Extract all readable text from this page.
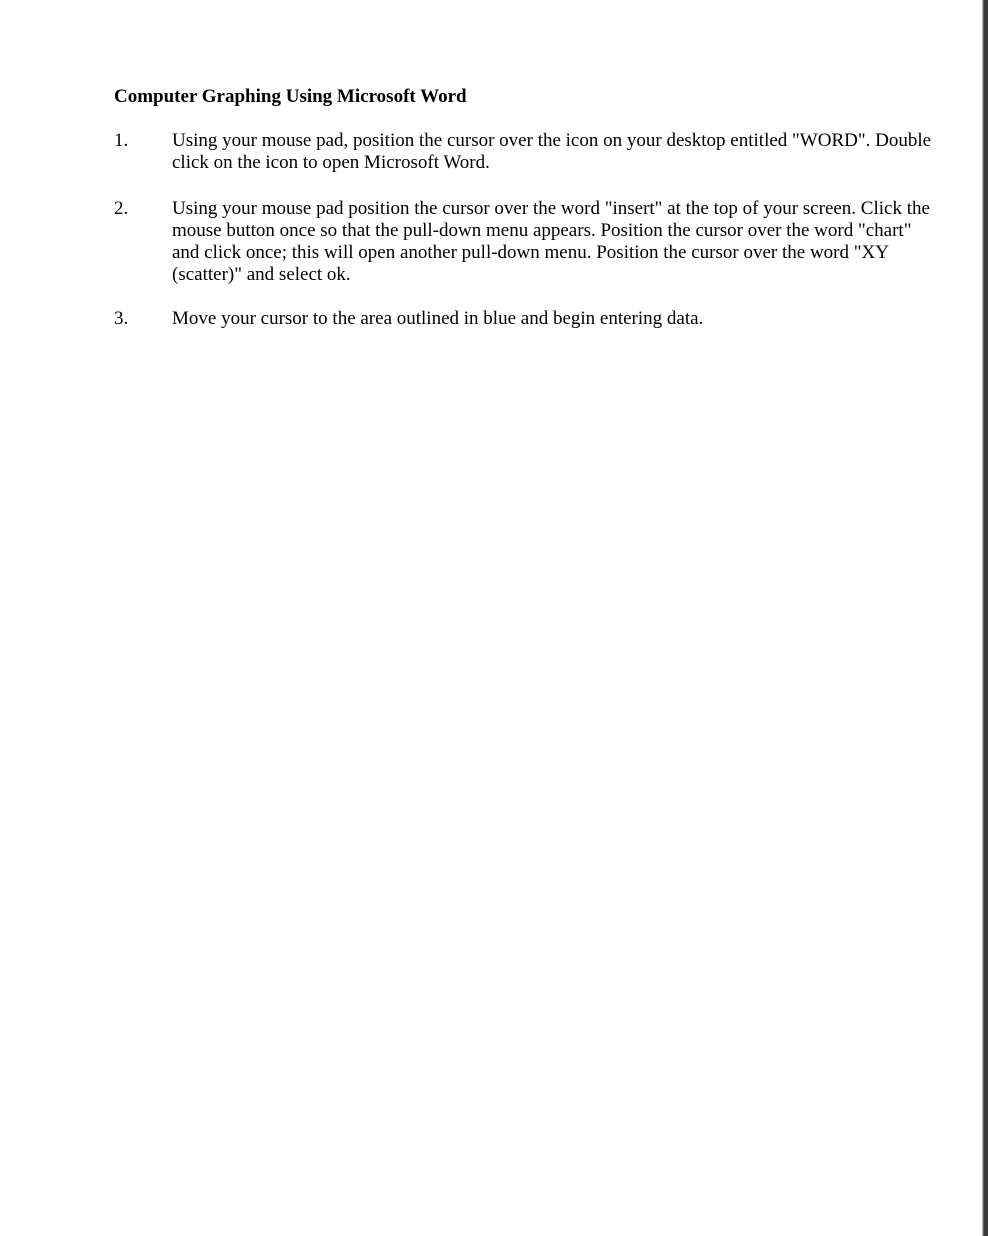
Computer Graphing Using Microsoft Word
1.	Using your mouse pad, position the cursor over the icon on your desktop entitled "WORD". Double click on the icon to open Microsoft Word.
2.	Using your mouse pad position the cursor over the word "insert" at the top of your screen. Click the mouse button once so that the pull-down menu appears. Position the cursor over the word "chart" and click once; this will open another pull-down menu. Position the cursor over the word "XY (scatter)" and select ok.
3.	Move your cursor to the area outlined in blue and begin entering data.
